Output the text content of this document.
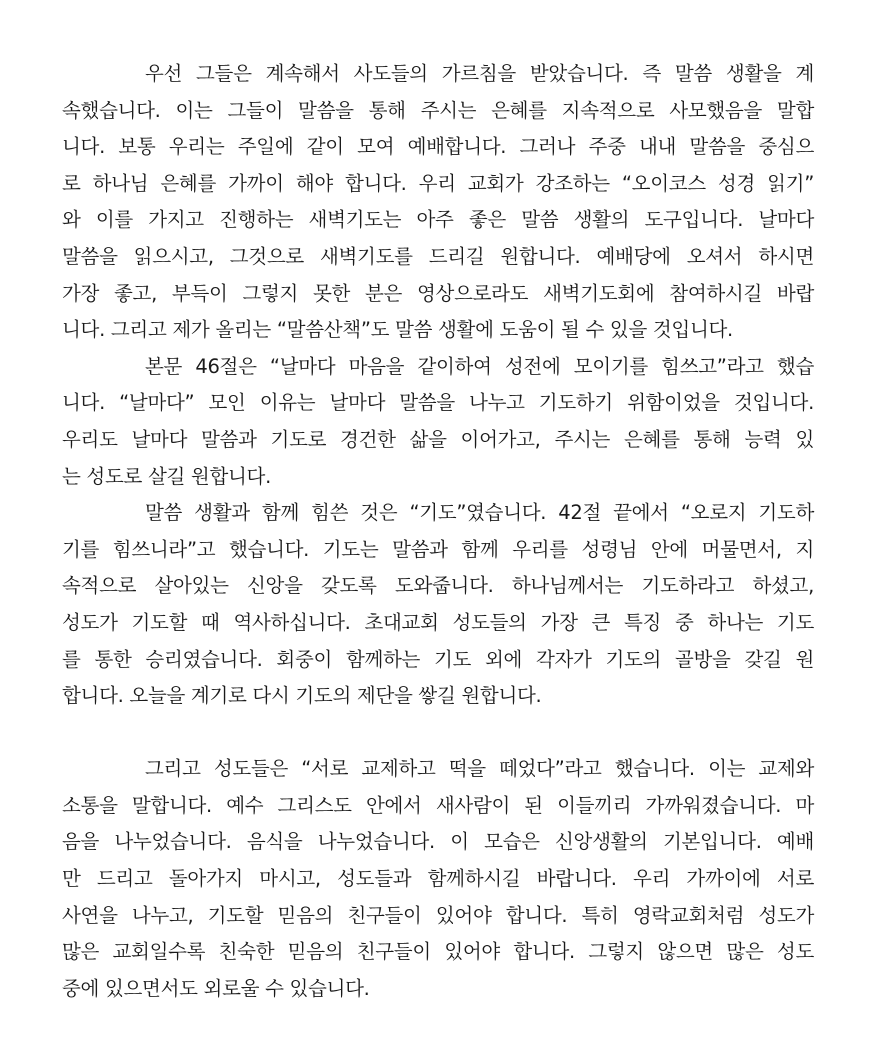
우선 그들은 계속해서 사도들의 가르침을 받았습니다. 즉 말씀 생활을 계
속했습니다. 이는 그들이 말씀을 통해 주시는 은혜를 지속적으로 사모했음을 말합
니다. 보통 우리는 주일에 같이 모여 예배합니다. 그러나 주중 내내 말씀을 중심으
로 하나님 은혜를 가까이 해야 합니다. 우리 교회가 강조하는 “오이코스 성경 읽기”
와 이를 가지고 진행하는 새벽기도는 아주 좋은 말씀 생활의 도구입니다. 날마다
말씀을 읽으시고, 그것으로 새벽기도를 드리길 원합니다. 예배당에 오셔서 하시면
가장 좋고, 부득이 그렇지 못한 분은 영상으로라도 새벽기도회에 참여하시길 바랍
니다. 그리고 제가 올리는 “말씀산책”도 말씀 생활에 도움이 될 수 있을 것입니다.
본문 46절은 “날마다 마음을 같이하여 성전에 모이기를 힘쓰고”라고 했습
니다. “날마다” 모인 이유는 날마다 말씀을 나누고 기도하기 위함이었을 것입니다.
우리도 날마다 말씀과 기도로 경건한 삶을 이어가고, 주시는 은혜를 통해 능력 있
는 성도로 살길 원합니다.
말씀 생활과 함께 힘쓴 것은 “기도”였습니다. 42절 끝에서 “오로지 기도하
기를 힘쓰니라”고 했습니다. 기도는 말씀과 함께 우리를 성령님 안에 머물면서, 지
속적으로 살아있는 신앙을 갖도록 도와줍니다. 하나님께서는 기도하라고 하셨고,
성도가 기도할 때 역사하십니다. 초대교회 성도들의 가장 큰 특징 중 하나는 기도
를 통한 승리였습니다. 회중이 함께하는 기도 외에 각자가 기도의 골방을 갖길 원
합니다. 오늘을 계기로 다시 기도의 제단을 쌓길 원합니다.
그리고 성도들은 “서로 교제하고 떡을 떼었다”라고 했습니다. 이는 교제와
소통을 말합니다. 예수 그리스도 안에서 새사람이 된 이들끼리 가까워졌습니다. 마
음을 나누었습니다. 음식을 나누었습니다. 이 모습은 신앙생활의 기본입니다. 예배
만 드리고 돌아가지 마시고, 성도들과 함께하시길 바랍니다. 우리 가까이에 서로
사연을 나누고, 기도할 믿음의 친구들이 있어야 합니다. 특히 영락교회처럼 성도가
많은 교회일수록 친숙한 믿음의 친구들이 있어야 합니다. 그렇지 않으면 많은 성도
중에 있으면서도 외로울 수 있습니다.
